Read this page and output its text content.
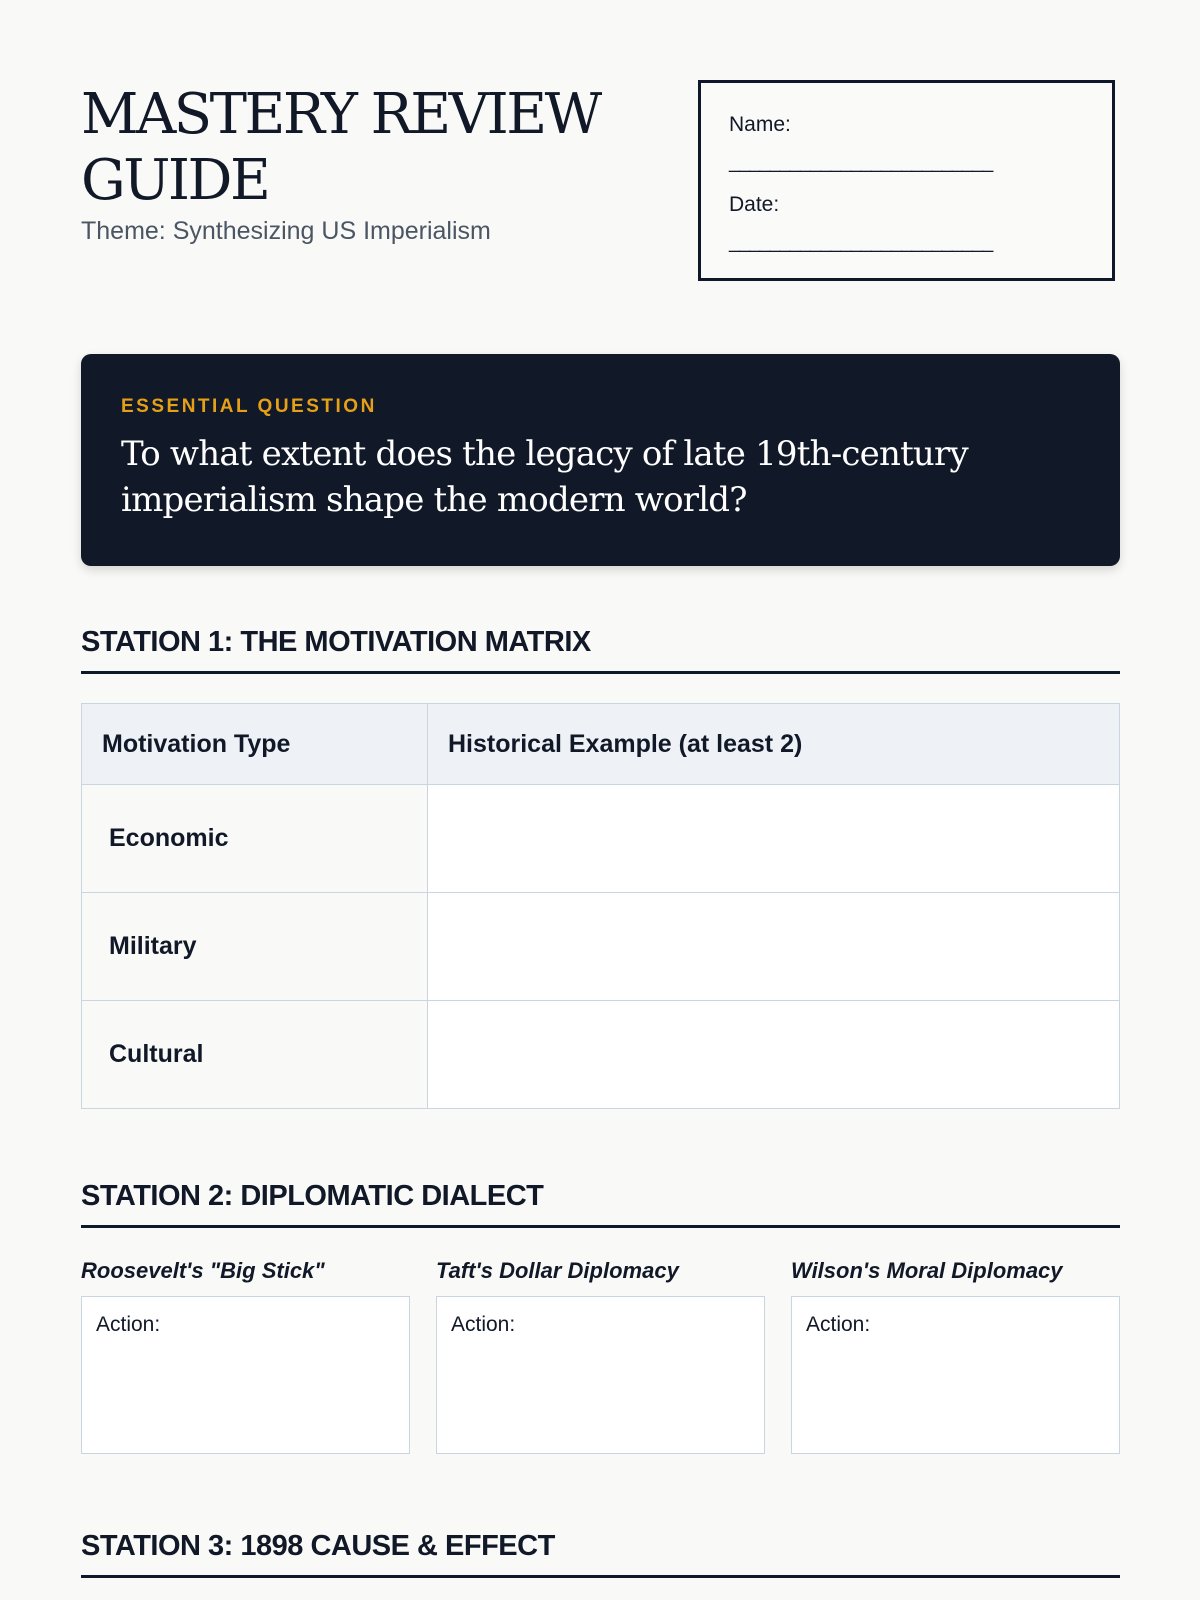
MASTERY REVIEW GUIDE
Theme: Synthesizing US Imperialism
Name:
__________________________
Date:
__________________________
ESSENTIAL QUESTION
To what extent does the legacy of late 19th-century imperialism shape the modern world?
STATION 1: THE MOTIVATION MATRIX
Motivation Type	Historical Example (at least 2)
Economic	
Military	
Cultural	
STATION 2: DIPLOMATIC DIALECT
Roosevelt's "Big Stick"
Action:
Taft's Dollar Diplomacy
Action:
Wilson's Moral Diplomacy
Action:
STATION 3: 1898 CAUSE & EFFECT
